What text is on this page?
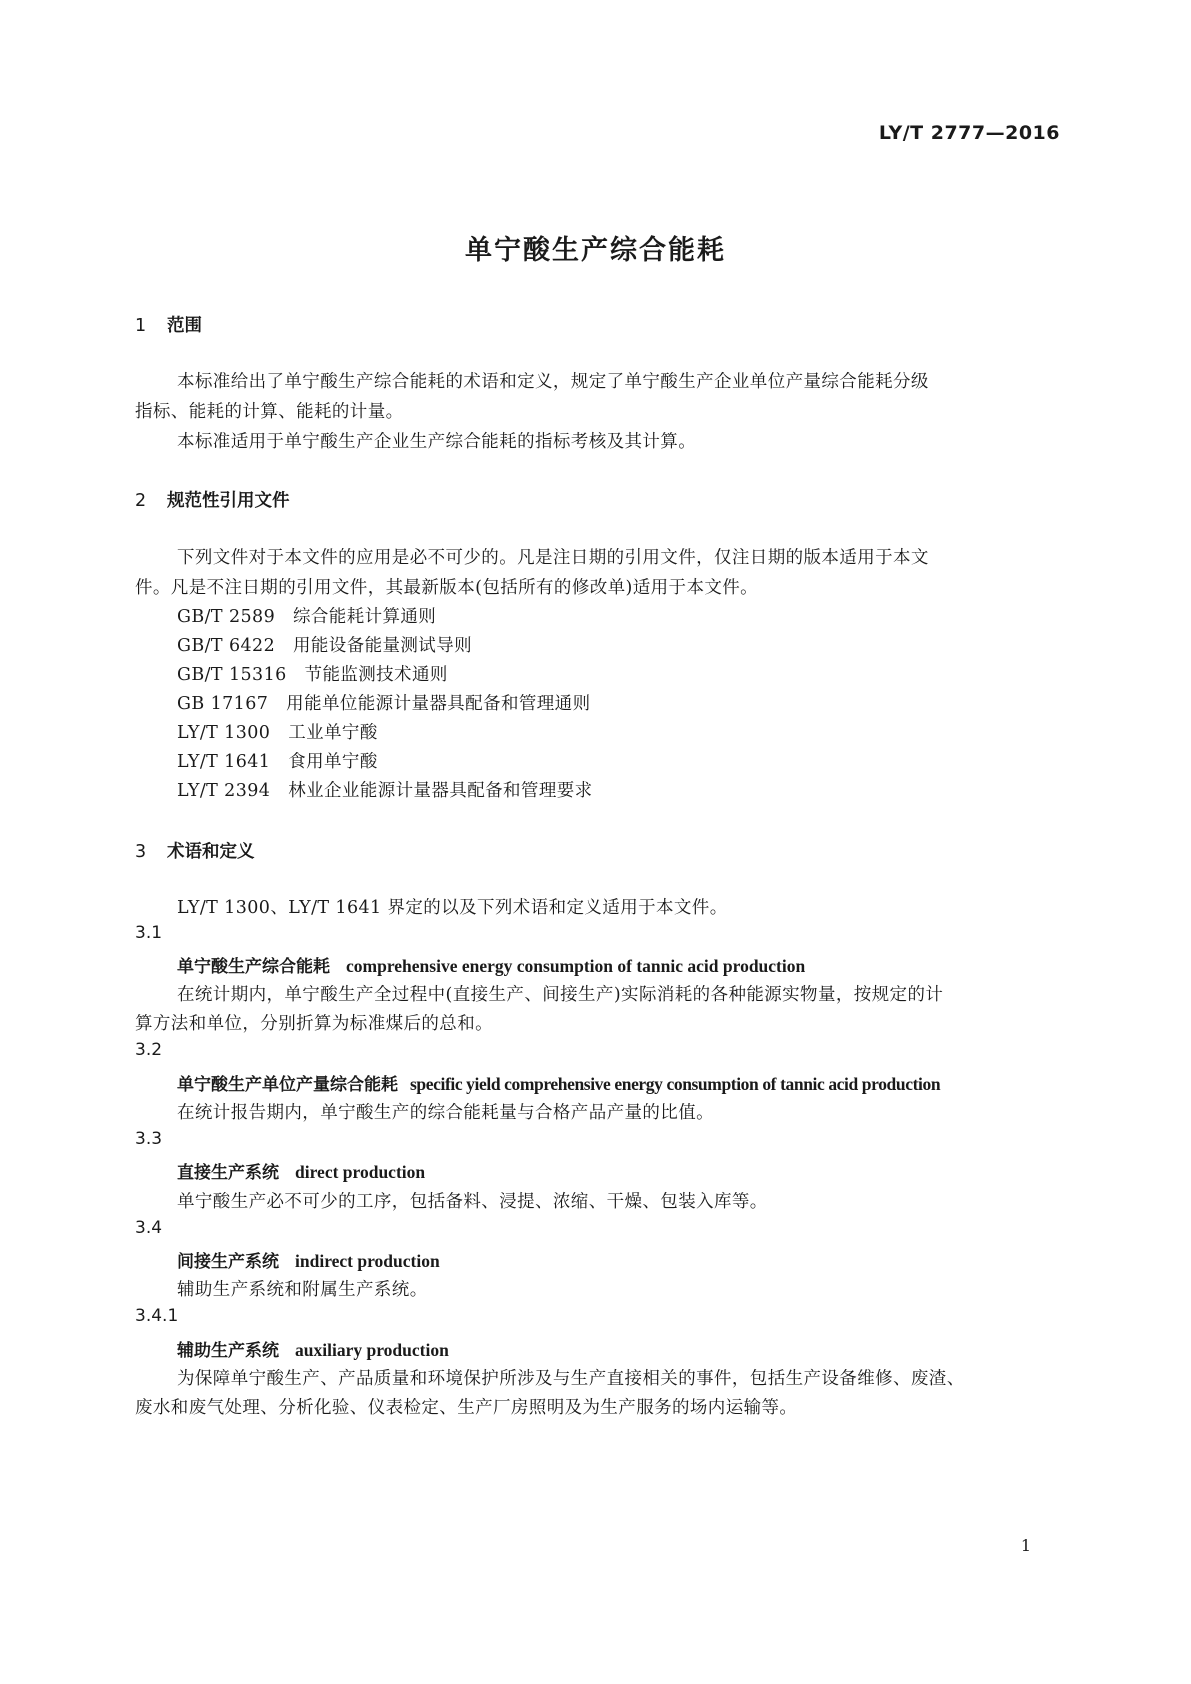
LY/T 2777—2016
单宁酸生产综合能耗
1 范围
本标准给出了单宁酸生产综合能耗的术语和定义，规定了单宁酸生产企业单位产量综合能耗分级
指标、能耗的计算、能耗的计量。
本标准适用于单宁酸生产企业生产综合能耗的指标考核及其计算。
2 规范性引用文件
下列文件对于本文件的应用是必不可少的。凡是注日期的引用文件，仅注日期的版本适用于本文
件。凡是不注日期的引用文件，其最新版本(包括所有的修改单)适用于本文件。
GB/T 2589 综合能耗计算通则
GB/T 6422 用能设备能量测试导则
GB/T 15316 节能监测技术通则
GB 17167 用能单位能源计量器具配备和管理通则
LY/T 1300 工业单宁酸
LY/T 1641 食用单宁酸
LY/T 2394 林业企业能源计量器具配备和管理要求
3 术语和定义
LY/T 1300、LY/T 1641 界定的以及下列术语和定义适用于本文件。
3.1
单宁酸生产综合能耗 comprehensive energy consumption of tannic acid production
在统计期内，单宁酸生产全过程中(直接生产、间接生产)实际消耗的各种能源实物量，按规定的计
算方法和单位，分别折算为标准煤后的总和。
3.2
单宁酸生产单位产量综合能耗 specific yield comprehensive energy consumption of tannic acid production
在统计报告期内，单宁酸生产的综合能耗量与合格产品产量的比值。
3.3
直接生产系统 direct production
单宁酸生产必不可少的工序，包括备料、浸提、浓缩、干燥、包装入库等。
3.4
间接生产系统 indirect production
辅助生产系统和附属生产系统。
3.4.1
辅助生产系统 auxiliary production
为保障单宁酸生产、产品质量和环境保护所涉及与生产直接相关的事件，包括生产设备维修、废渣、
废水和废气处理、分析化验、仪表检定、生产厂房照明及为生产服务的场内运输等。
1
